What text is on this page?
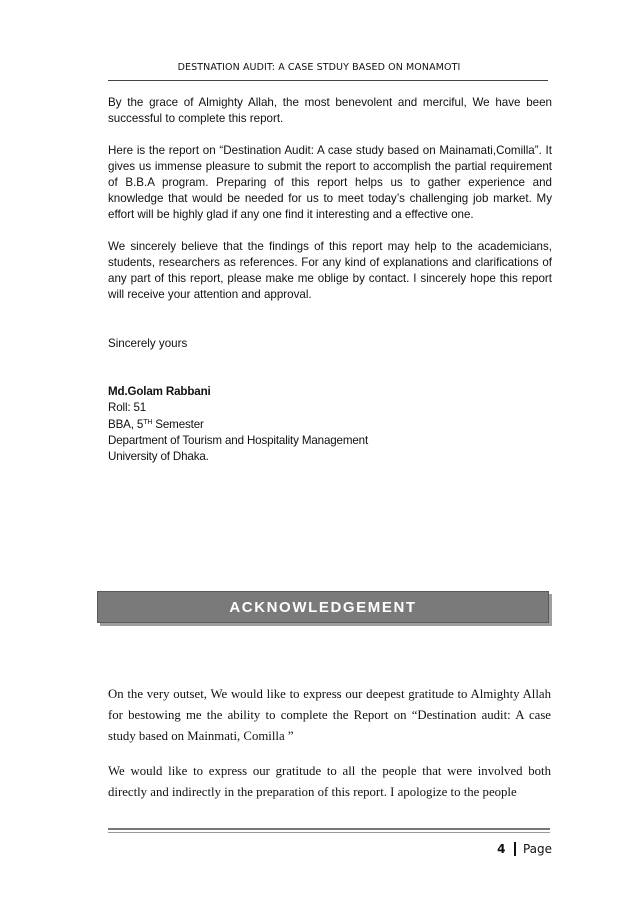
DESTNATION AUDIT: A CASE STDUY BASED ON MONAMOTI
By the grace of Almighty Allah, the most benevolent and merciful, We have been successful to complete this report.
Here is the report on “Destination Audit: A case study based on Mainamati,Comilla”. It gives us immense pleasure to submit the report to accomplish the partial requirement of B.B.A program. Preparing of this report helps us to gather experience and knowledge that would be needed for us to meet today’s challenging job market. My effort will be highly glad if any one find it interesting and a effective one.
We sincerely believe that the findings of this report may help to the academicians, students, researchers as references. For any kind of explanations and clarifications of any part of this report, please make me oblige by contact. I sincerely hope this report will receive your attention and approval.
Sincerely yours
Md.Golam Rabbani
Roll: 51
BBA, 5TH Semester
Department of Tourism and Hospitality Management
University of Dhaka.
ACKNOWLEDGEMENT
On the very outset, We would like to express our deepest gratitude to Almighty Allah for bestowing me the ability to complete the Report on “Destination audit: A case study based on Mainmati, Comilla ”
We would like to express our gratitude to all the people that were involved both directly and indirectly in the preparation of this report. I apologize to the people
4 Page
